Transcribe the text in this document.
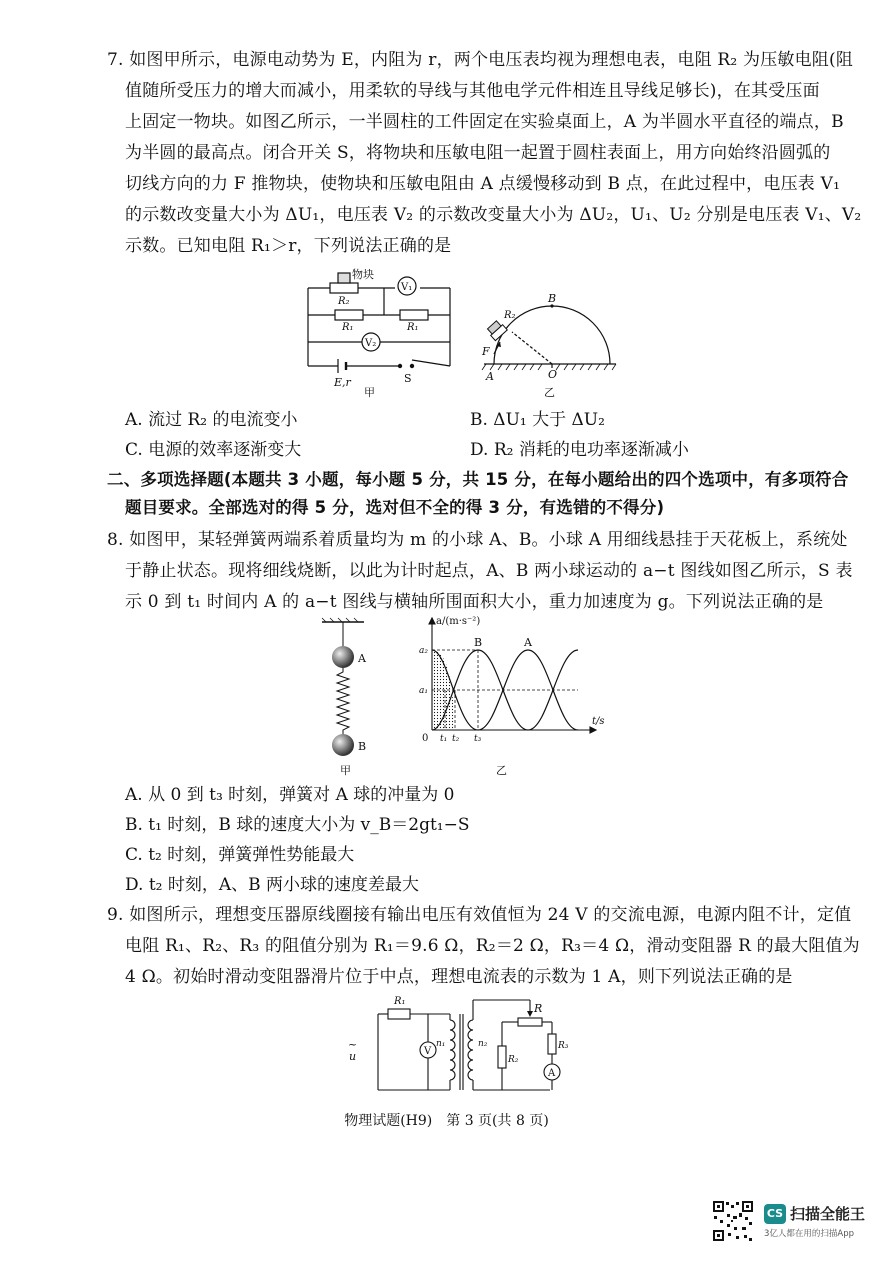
7. 如图甲所示，电源电动势为 E，内阻为 r，两个电压表均视为理想电表，电阻 R₂ 为压敏电阻(阻
值随所受压力的增大而减小，用柔软的导线与其他电学元件相连且导线足够长)，在其受压面
上固定一物块。如图乙所示，一半圆柱的工件固定在实验桌面上，A 为半圆水平直径的端点，B
为半圆的最高点。闭合开关 S，将物块和压敏电阻一起置于圆柱表面上，用方向始终沿圆弧的
切线方向的力 F 推物块，使物块和压敏电阻由 A 点缓慢移动到 B 点，在此过程中，电压表 V₁
的示数改变量大小为 ΔU₁，电压表 V₂ 的示数改变量大小为 ΔU₂，U₁、U₂ 分别是电压表 V₁、V₂
示数。已知电阻 R₁＞r，下列说法正确的是
物块
R₂
R₁	R₁
V₁
V₂
E,r	S
甲
B
R₂
F
A	O
乙
A. 流过 R₂ 的电流变小	B. ΔU₁ 大于 ΔU₂
C. 电源的效率逐渐变大	D. R₂ 消耗的电功率逐渐减小
二、多项选择题(本题共 3 小题，每小题 5 分，共 15 分，在每小题给出的四个选项中，有多项符合
题目要求。全部选对的得 5 分，选对但不全的得 3 分，有选错的不得分)
8. 如图甲，某轻弹簧两端系着质量均为 m 的小球 A、B。小球 A 用细线悬挂于天花板上，系统处
于静止状态。现将细线烧断，以此为计时起点，A、B 两小球运动的 a−t 图线如图乙所示，S 表
示 0 到 t₁ 时间内 A 的 a−t 图线与横轴所围面积大小，重力加速度为 g。下列说法正确的是
A
B
甲
a/(m·s⁻²)
t/s
B	A
a₂
a₁
0 t₁ t₂ t₃
乙
A. 从 0 到 t₃ 时刻，弹簧对 A 球的冲量为 0
B. t₁ 时刻，B 球的速度大小为 v_B＝2gt₁−S
C. t₂ 时刻，弹簧弹性势能最大
D. t₂ 时刻，A、B 两小球的速度差最大
9. 如图所示，理想变压器原线圈接有输出电压有效值恒为 24 V 的交流电源，电源内阻不计，定值
电阻 R₁、R₂、R₃ 的阻值分别为 R₁＝9.6 Ω，R₂＝2 Ω，R₃＝4 Ω，滑动变阻器 R 的最大阻值为
4 Ω。初始时滑动变阻器滑片位于中点，理想电流表的示数为 1 A，则下列说法正确的是
R₁
~
u	V
n₁	n₂
R
R₂
R₃
A
物理试题(H9)　第 3 页(共 8 页)
CS 扫描全能王
3亿人都在用的扫描App
